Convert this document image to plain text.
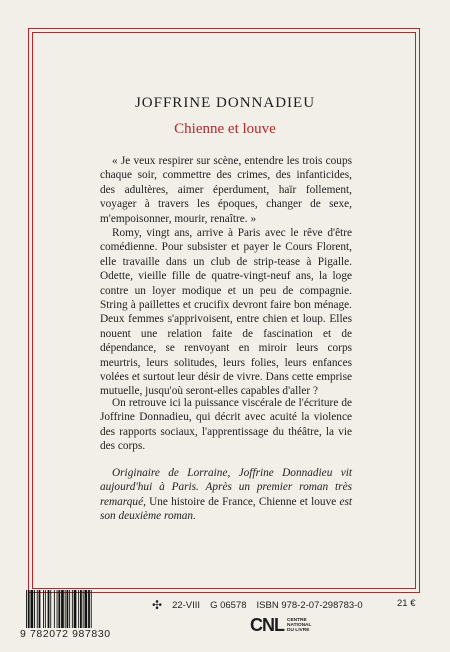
JOFFRINE DONNADIEU
Chienne et louve
« Je veux respirer sur scène, entendre les trois coups chaque soir, commettre des crimes, des infanticides, des adultères, aimer éperdument, haïr follement, voyager à travers les époques, changer de sexe, m'empoisonner, mourir, renaître. »
Romy, vingt ans, arrive à Paris avec le rêve d'être comédienne. Pour subsister et payer le Cours Florent, elle travaille dans un club de strip-tease à Pigalle. Odette, vieille fille de quatre-vingt-neuf ans, la loge contre un loyer modique et un peu de compagnie. String à paillettes et crucifix devront faire bon ménage. Deux femmes s'apprivoisent, entre chien et loup. Elles nouent une relation faite de fascination et de dépendance, se renvoyant en miroir leurs corps meurtris, leurs solitudes, leurs folies, leurs enfances volées et surtout leur désir de vivre. Dans cette emprise mutuelle, jusqu'où seront-elles capables d'aller ?
On retrouve ici la puissance viscérale de l'écriture de Joffrine Donnadieu, qui décrit avec acuité la violence des rapports sociaux, l'apprentissage du théâtre, la vie des corps.
Originaire de Lorraine, Joffrine Donnadieu vit aujourd'hui à Paris. Après un premier roman très remarqué, Une histoire de France, Chienne et louve est son deuxième roman.
9 782072 987830
✣ 22-VIII G 06578 ISBN 978-2-07-298783-0	21 €
CNL CENTRE
NATIONAL
DU LIVRE
